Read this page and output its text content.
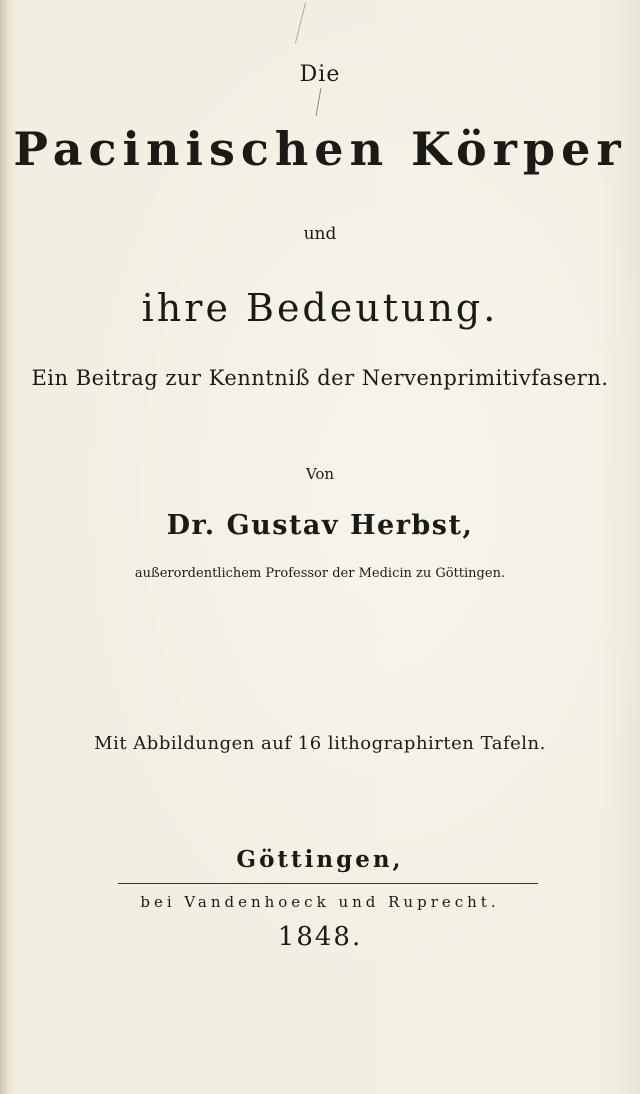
Die
Pacinischen Körper
und
ihre Bedeutung.
Ein Beitrag zur Kenntniß der Nervenprimitivfasern.
Von
Dr. Gustav Herbst,
außerordentlichem Professor der Medicin zu Göttingen.
Mit Abbildungen auf 16 lithographirten Tafeln.
Göttingen,
bei Vandenhoeck und Ruprecht.
1848.
